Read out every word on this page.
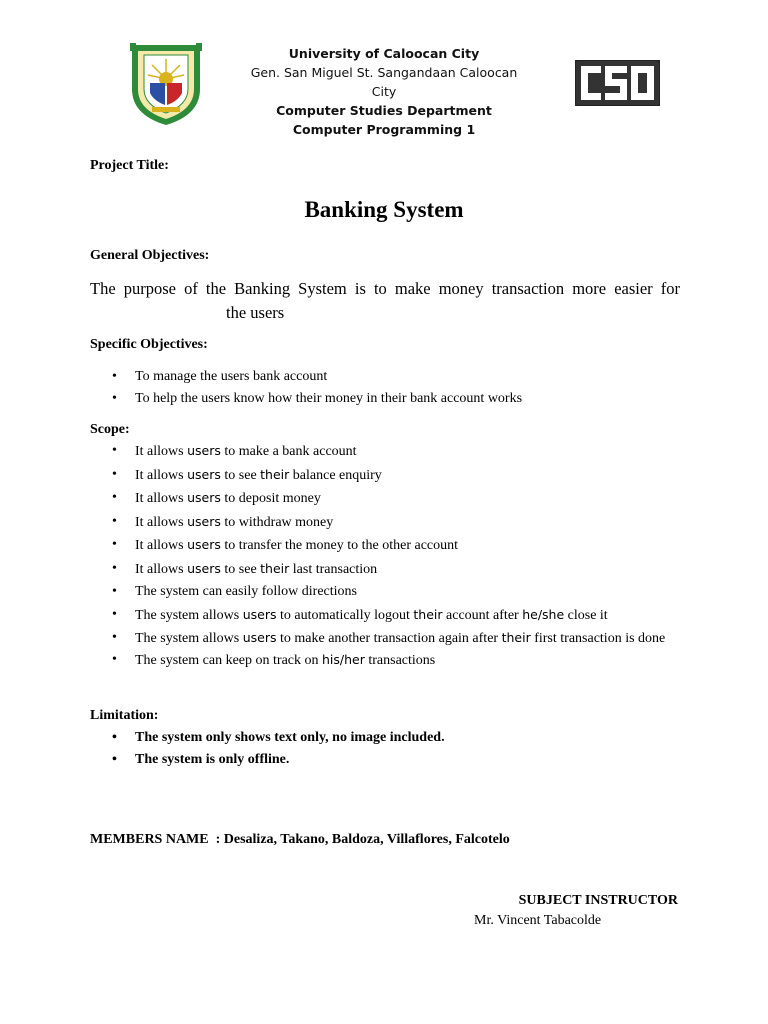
University of Caloocan City
Gen. San Miguel St. Sangandaan Caloocan City
Computer Studies Department
Computer Programming 1
Project Title:
Banking System
General Objectives:
The purpose of the Banking System is to make money transaction more easier for
the users
Specific Objectives:
• To manage the users bank account
• To help the users know how their money in their bank account works
Scope:
• It allows users to make a bank account
• It allows users to see their balance enquiry
• It allows users to deposit money
• It allows users to withdraw money
• It allows users to transfer the money to the other account
• It allows users to see their last transaction
• The system can easily follow directions
• The system allows users to automatically logout their account after he/she close it
• The system allows users to make another transaction again after their first transaction is done
• The system can keep on track on his/her transactions
Limitation:
• The system only shows text only, no image included.
• The system is only offline.
MEMBERS NAME  : Desaliza, Takano, Baldoza, Villaflores, Falcotelo
SUBJECT INSTRUCTOR
Mr. Vincent Tabacolde
